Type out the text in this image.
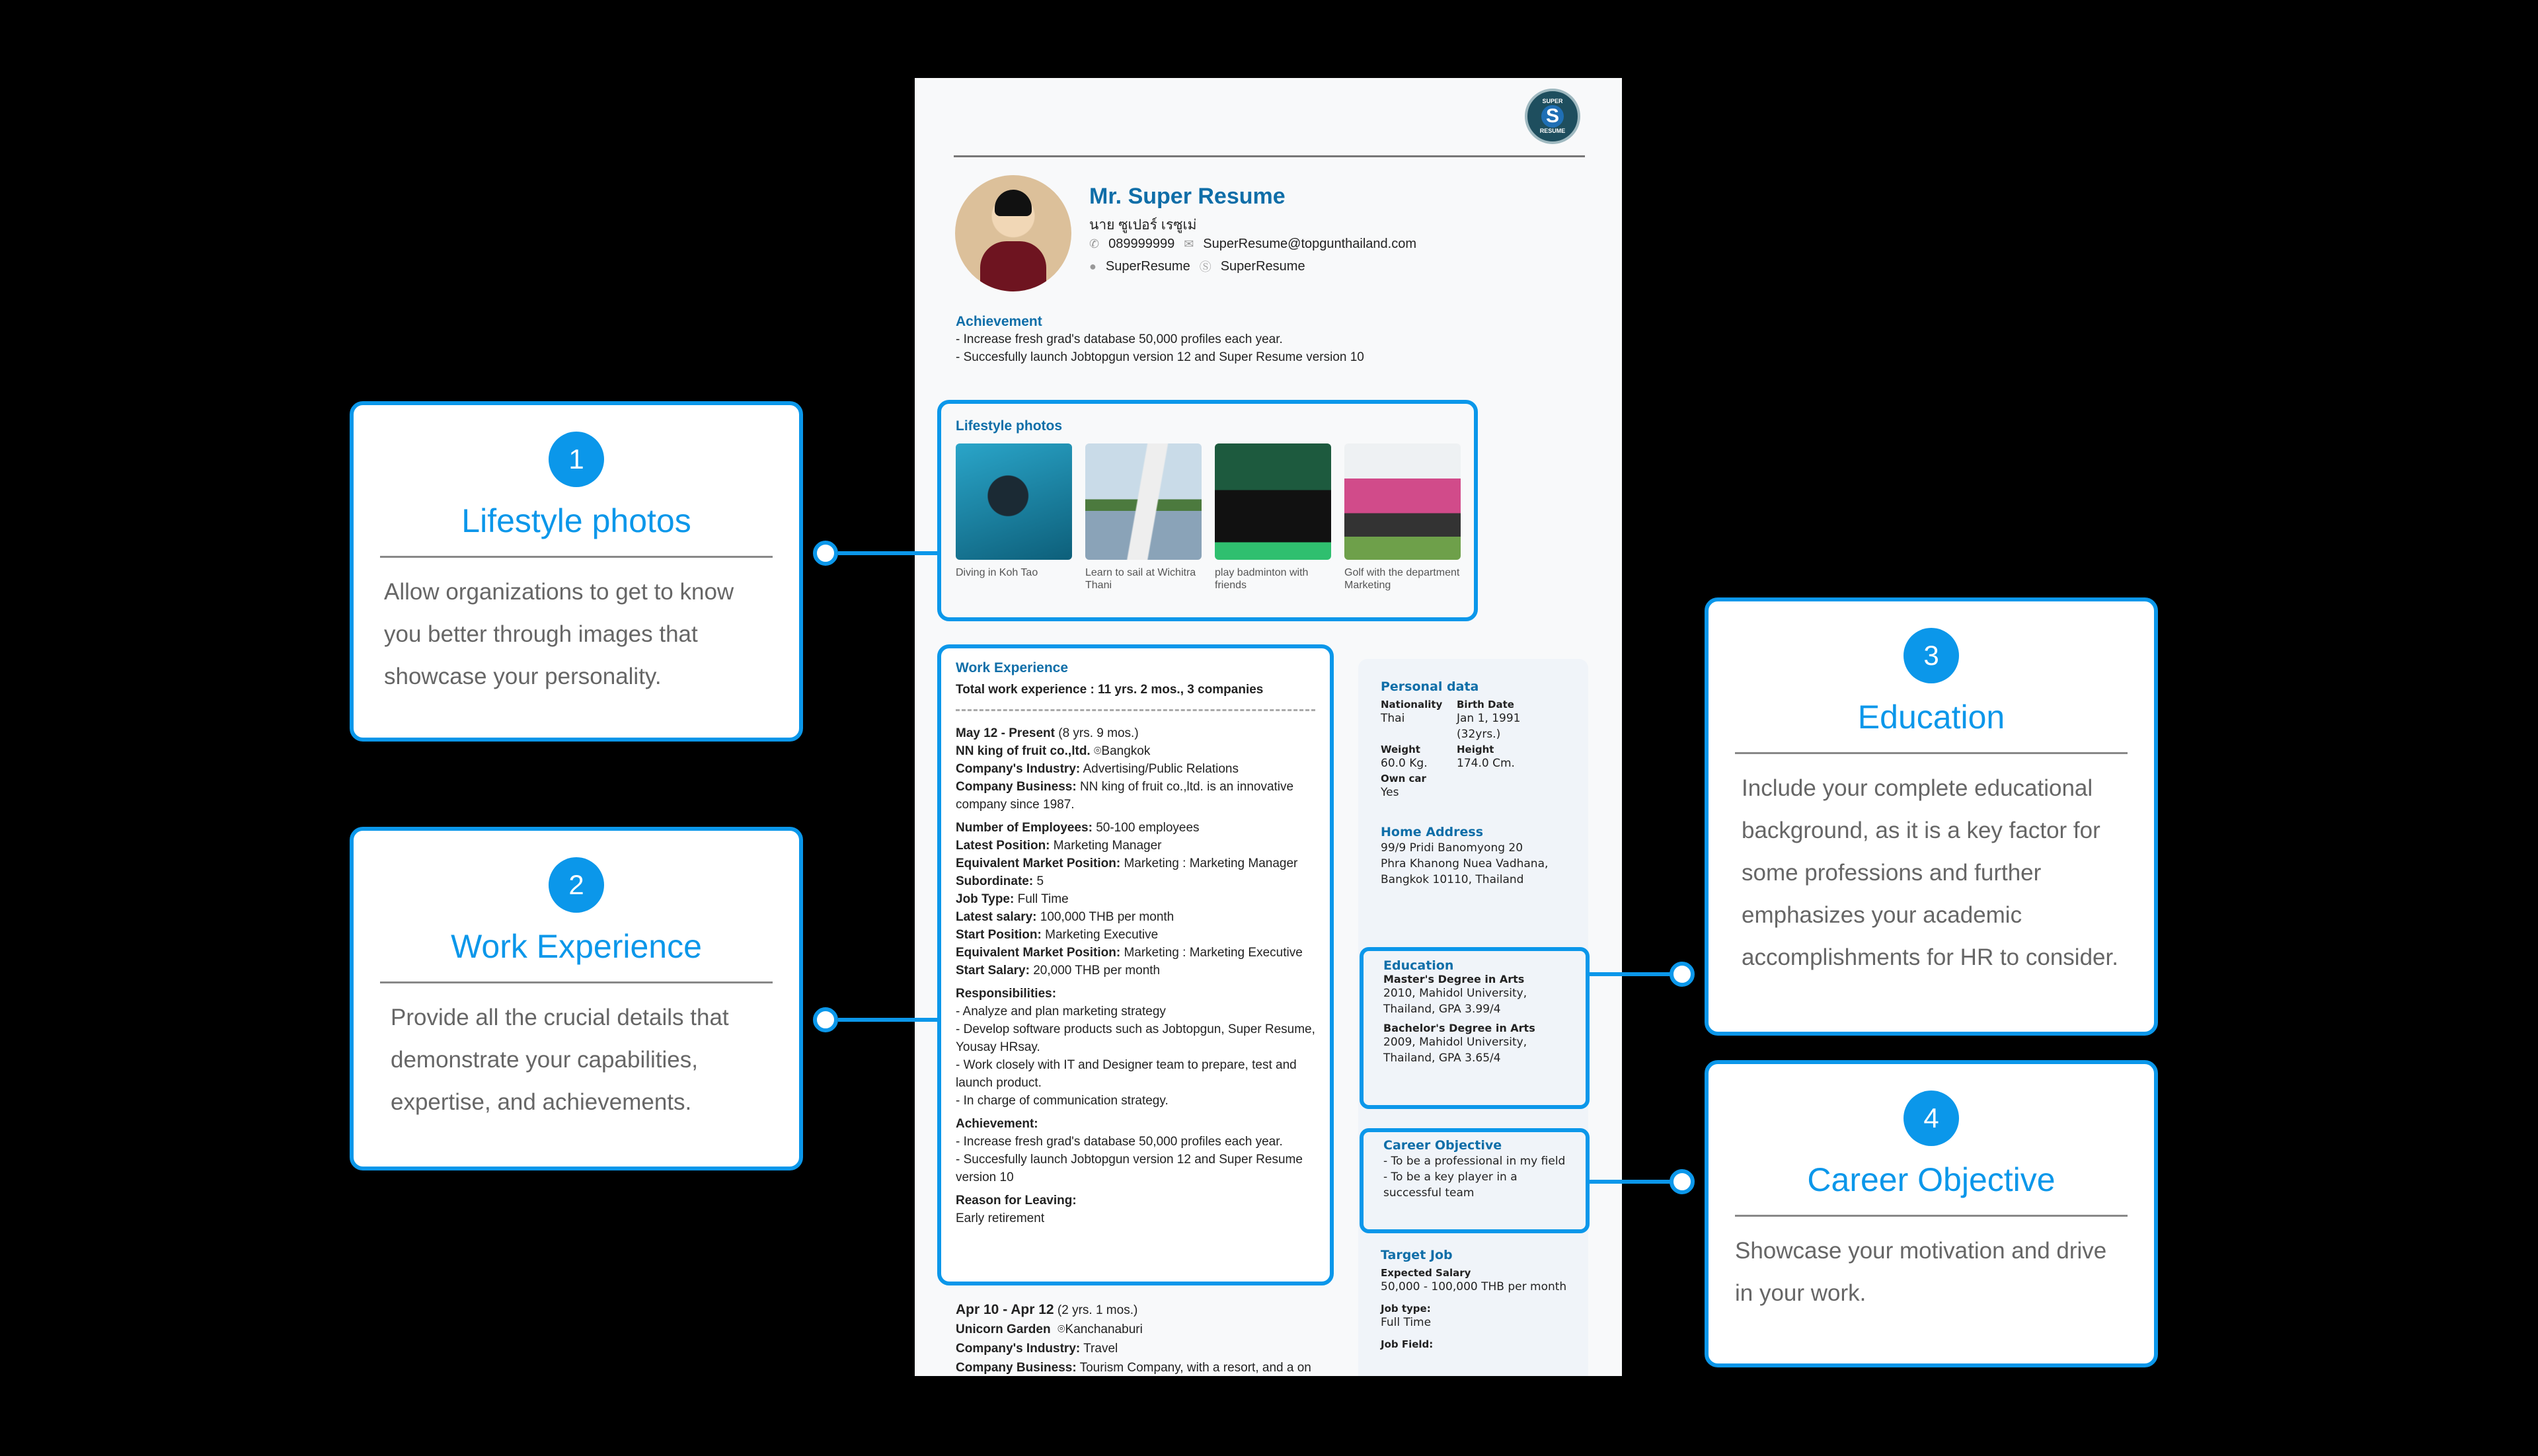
SUPER
S
RESUME
Mr. Super Resume
นาย ซูเปอร์ เรซูเม่
✆ 089999999 ✉ SuperResume@topgunthailand.com
● SuperResume Ⓢ SuperResume
Achievement
- Increase fresh grad's database 50,000 profiles each year.
- Succesfully launch Jobtopgun version 12 and Super Resume version 10
Lifestyle photos
Diving in Koh Tao	Learn to sail at Wichitra Thani
play badminton with friends
Golf with the department Marketing
Work Experience
Total work experience : 11 yrs. 2 mos., 3 companies
May 12 - Present (8 yrs. 9 mos.)
NN king of fruit co.,ltd. ⌾Bangkok
Company's Industry: Advertising/Public Relations
Company Business: NN king of fruit co.,ltd. is an innovative company since 1987.
Number of Employees: 50-100 employees
Latest Position: Marketing Manager
Equivalent Market Position: Marketing : Marketing Manager
Subordinate: 5
Job Type: Full Time
Latest salary: 100,000 THB per month
Start Position: Marketing Executive
Equivalent Market Position: Marketing : Marketing Executive
Start Salary: 20,000 THB per month
Responsibilities:
- Analyze and plan marketing strategy
- Develop software products such as Jobtopgun, Super Resume, Yousay HRsay.
- Work closely with IT and Designer team to prepare, test and launch product.
- In charge of communication strategy.
Achievement:
- Increase fresh grad's database 50,000 profiles each year.
- Succesfully launch Jobtopgun version 12 and Super Resume version 10
Reason for Leaving:
Early retirement
Apr 10 - Apr 12 (2 yrs. 1 mos.)
Unicorn Garden ⌾Kanchanaburi
Company's Industry: Travel
Company Business: Tourism Company, with a resort, and a on
Personal data
Nationality
Thai
Birth Date
Jan 1, 1991
(32yrs.)
Weight
60.0 Kg.
Height
174.0 Cm.
Own car
Yes
Home Address
99/9 Pridi Banomyong 20
Phra Khanong Nuea Vadhana,
Bangkok 10110, Thailand
Target Job
Expected Salary
50,000 - 100,000 THB per month
Job type:
Full Time
Job Field:
Education
Master's Degree in Arts
2010, Mahidol University, Thailand, GPA 3.99/4
Bachelor's Degree in Arts
2009, Mahidol University, Thailand, GPA 3.65/4
Career Objective
- To be a professional in my field
- To be a key player in a successful team
1
Lifestyle photos
Allow organizations to get to know you better through images that showcase your personality.
2
Work Experience
Provide all the crucial details that demonstrate your capabilities, expertise, and achievements.
3
Education
Include your complete educational background, as it is a key factor for some professions and further emphasizes your academic accomplishments for HR to consider.
4
Career Objective
Showcase your motivation and drive in your work.
